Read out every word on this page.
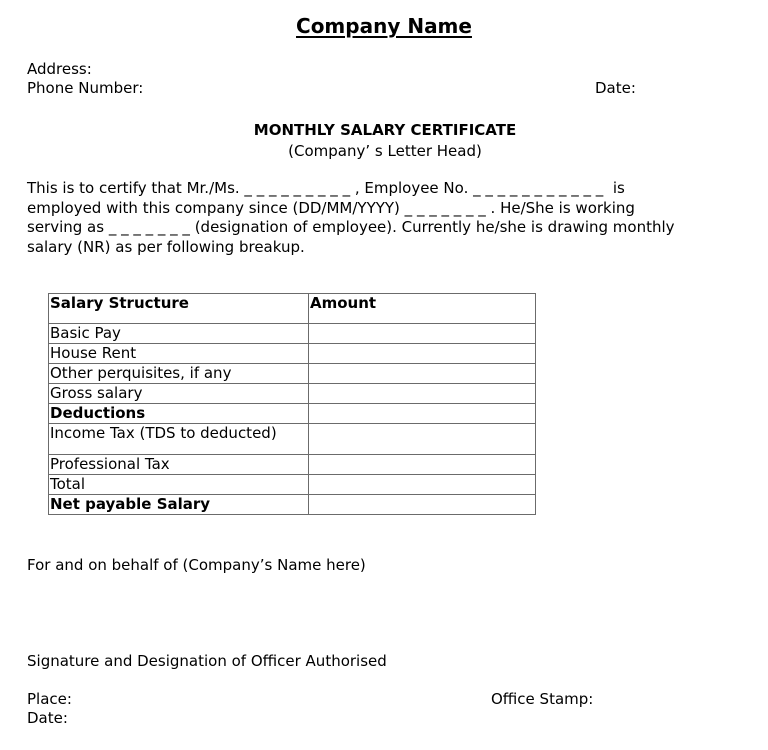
Company Name
Address:
Phone Number:	Date:
MONTHLY SALARY CERTIFICATE
(Company’ s Letter Head)
This is to certify that Mr./Ms. _ _ _ _ _ _ _ _ _ , Employee No. _ _ _ _ _ _ _ _ _ _ _  is
employed with this company since (DD/MM/YYYY) _ _ _ _ _ _ _ . He/She is working
serving as _ _ _ _ _ _ _ (designation of employee). Currently he/she is drawing monthly
salary (NR) as per following breakup.
Salary Structure	Amount
Basic Pay	
House Rent	
Other perquisites, if any	
Gross salary	
Deductions	
Income Tax (TDS to deducted)	
Professional Tax	
Total	
Net payable Salary	
For and on behalf of (Company’s Name here)
Signature and Designation of Officer Authorised
Place:
Date:
Office Stamp:
